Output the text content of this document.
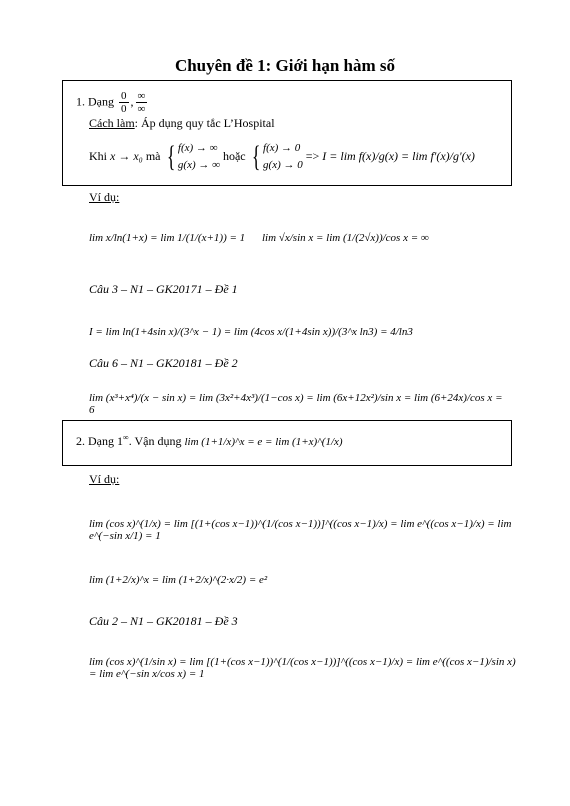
Chuyên đề 1: Giới hạn hàm số
1. Dạng $\frac{0}{0}$ , $\frac{\infty}{\infty}$
Cách làm: Áp dụng quy tắc L’Hospital
Khi x → x₀ mà { f(x) → ∞
g(x) → ∞
hoặc { f(x) → 0
g(x) → 0
=> I = lim f(x)/g(x) = lim f'(x)/g'(x)
Ví dụ:
lim x/ln(1+x) = lim 1/(1/(x+1)) = 1 lim √x/sin x = lim (1/(2√x))/cos x = ∞
Câu 3 – N1 – GK20171 – Đề 1
I = lim ln(1+4sin x)/(3^x − 1) = lim (4cos x/(1+4sin x))/(3^x ln3) = 4/ln3
Câu 6 – N1 – GK20181 – Đề 2
lim (x³+x⁴)/(x − sin x) = lim (3x²+4x³)/(1−cos x) = lim (6x+12x²)/sin x = lim (6+24x)/cos x = 6
2. Dạng 1∞. Vận dụng lim (1+1/x)^x = e = lim (1+x)^(1/x)
Ví dụ:
lim (cos x)^(1/x) = lim [(1+(cos x−1))^(1/(cos x−1))]^((cos x−1)/x) = lim e^((cos x−1)/x) = lim e^(−sin x/1) = 1
lim (1+2/x)^x = lim (1+2/x)^(2·x/2) = e²
Câu 2 – N1 – GK20181 – Đề 3
lim (cos x)^(1/sin x) = lim [(1+(cos x−1))^(1/(cos x−1))]^((cos x−1)/x) = lim e^((cos x−1)/sin x) = lim e^(−sin x/cos x) = 1
